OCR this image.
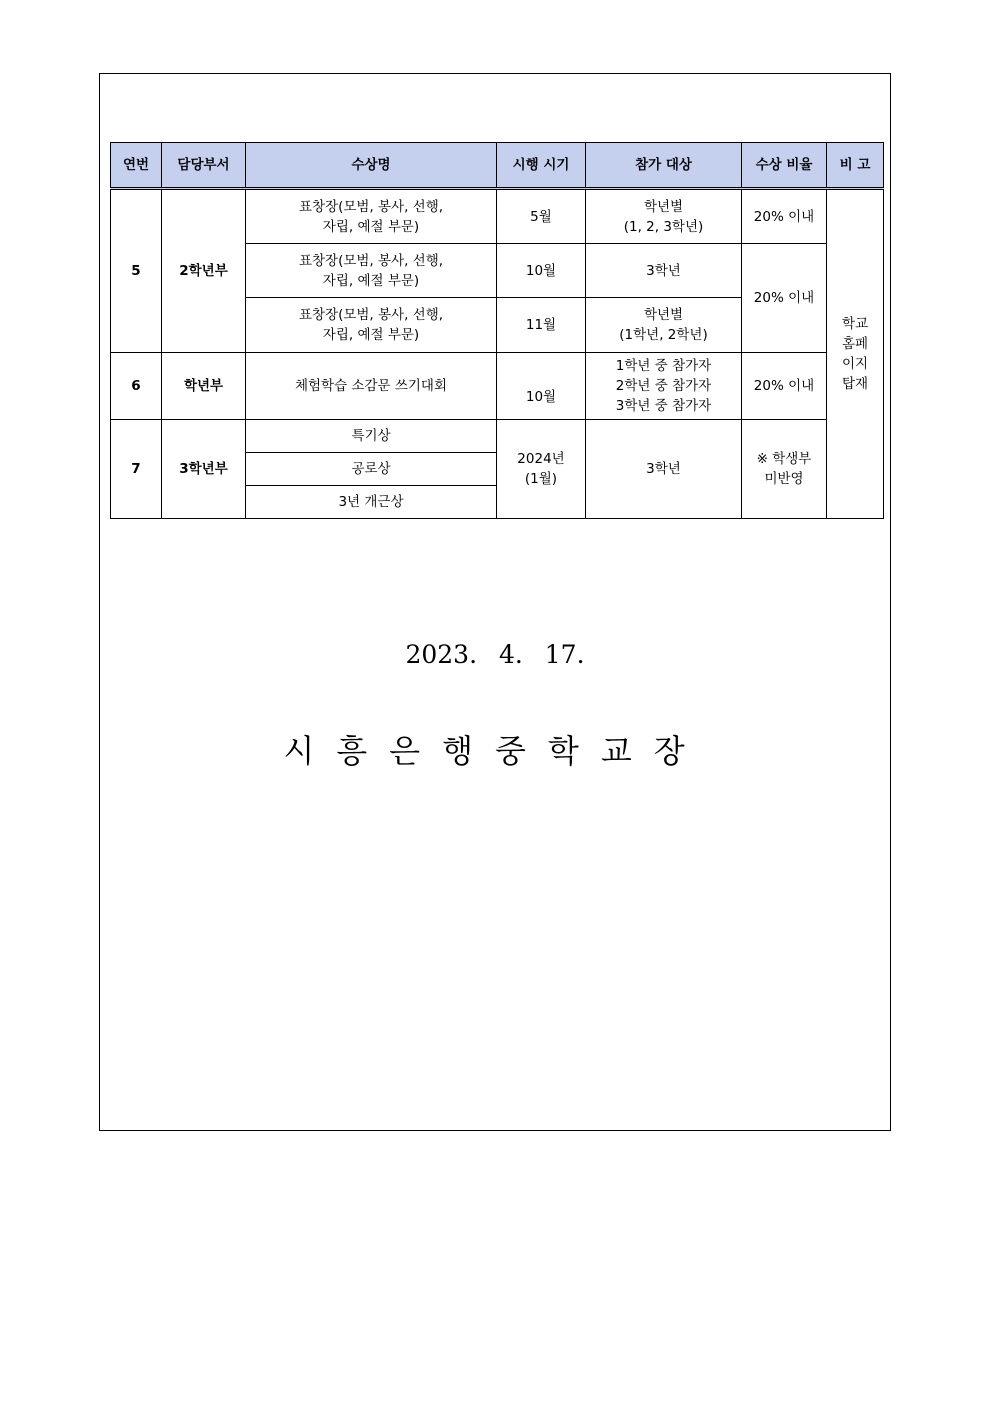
연번	담당부서	수상명	시행 시기	참가 대상	수상 비율	비 고
5	2학년부	표창장(모범, 봉사, 선행,
자립, 예절 부문)	5월	학년별
(1, 2, 3학년)	20% 이내	학교
홈페
이지
탑재

		표창장(모범, 봉사, 선행,
자립, 예절 부문)	10월	3학년	20% 이내	

		표창장(모범, 봉사, 선행,
자립, 예절 부문)	11월	학년별
(1학년, 2학년)		

6	학년부	체험학습 소감문 쓰기대회	10월	1학년 중 참가자
2학년 중 참가자
3학년 중 참가자	20% 이내	
7	3학년부	특기상	2024년
(1월)	3학년	※ 학생부
미반영	

		공로상				
		3년 개근상				
2023. 4. 17.
시흥은행중학교장
